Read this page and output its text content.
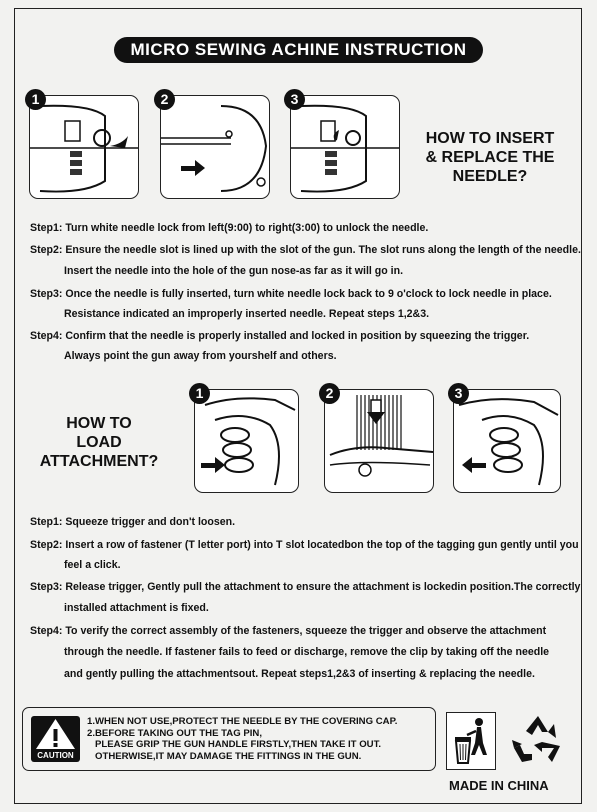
MICRO SEWING ACHINE INSTRUCTION
1	2	3
HOW TO INSERT
& REPLACE THE
NEEDLE?
Step1: Turn white needle lock from left(9:00) to right(3:00) to unlock the needle.
Step2: Ensure the needle slot is lined up with the slot of the gun. The slot runs along the length of the needle.
Insert the needle into the hole of the gun nose-as far as it will go in.
Step3: Once the needle is fully inserted, turn white needle lock back to 9 o'clock to lock needle in place.
Resistance indicated an improperly inserted needle. Repeat steps 1,2&3.
Step4: Confirm that the needle is properly installed and locked in position by squeezing the trigger.
Always point the gun away from yourshelf and others.
HOW TO
LOAD
ATTACHMENT?
1	2	3
Step1: Squeeze trigger and don't loosen.
Step2: Insert a row of fastener (T letter port) into T slot locatedbon the top of the tagging gun gently until you
feel a click.
Step3: Release trigger, Gently pull the attachment to ensure the attachment is lockedin position.The correctly
installed attachment is fixed.
Step4: To verify the correct assembly of the fasteners, squeeze the trigger and observe the attachment
through the needle. If fastener fails to feed or discharge, remove the clip by taking off the needle
and gently pulling the attachmentsout. Repeat steps1,2&3 of inserting & replacing the needle.
CAUTION
1.WHEN NOT USE,PROTECT THE NEEDLE BY THE COVERING CAP.
2.BEFORE TAKING OUT THE TAG PIN,
PLEASE GRIP THE GUN HANDLE FIRSTLY,THEN TAKE IT OUT.
OTHERWISE,IT MAY DAMAGE THE FITTINGS IN THE GUN.
MADE IN CHINA
